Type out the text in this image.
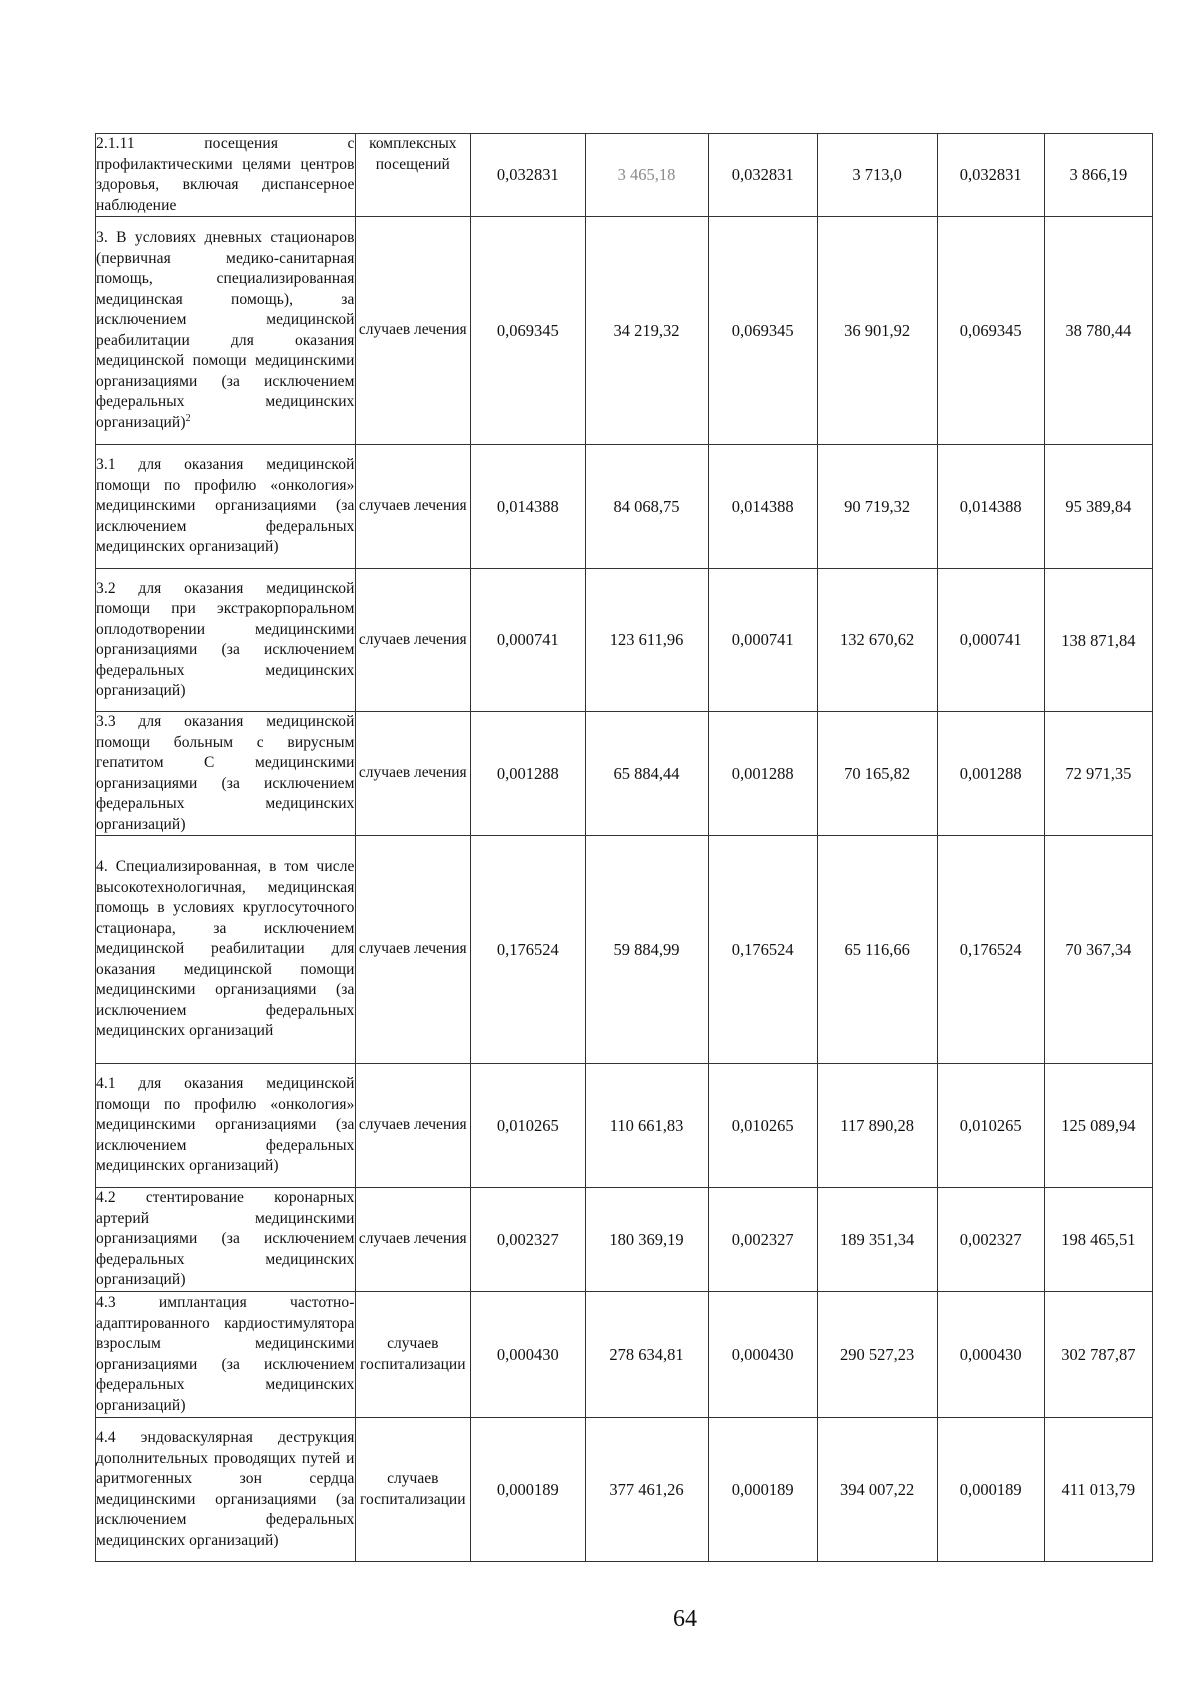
2.1.11 посещения с профилактическими целями центров здоровья, включая диспансерное наблюдение	комплексных посещений	0,032831	3 465,18	0,032831	3 713,0	0,032831	3 866,19
3. В условиях дневных стационаров (первичная медико-санитарная помощь, специализированная медицинская помощь), за исключением медицинской реабилитации для оказания медицинской помощи медицинскими организациями (за исключением федеральных медицинских организаций)$^2$	случаев лечения	0,069345	34 219,32	0,069345	36 901,92	0,069345	38 780,44
3.1 для оказания медицинской помощи по профилю «онкология» медицинскими организациями (за исключением федеральных медицинских организаций)	случаев лечения	0,014388	84 068,75	0,014388	90 719,32	0,014388	95 389,84
3.2 для оказания медицинской помощи при экстракорпоральном оплодотворении медицинскими организациями (за исключением федеральных медицинских организаций)	случаев лечения	0,000741	123 611,96	0,000741	132 670,62	0,000741	138 871,84
3.3 для оказания медицинской помощи больным с вирусным гепатитом С медицинскими организациями (за исключением федеральных медицинских организаций)	случаев лечения	0,001288	65 884,44	0,001288	70 165,82	0,001288	72 971,35
4. Специализированная, в том числе высокотехнологичная, медицинская помощь в условиях круглосуточного стационара, за исключением медицинской реабилитации для оказания медицинской помощи медицинскими организациями (за исключением федеральных медицинских организаций	случаев лечения	0,176524	59 884,99	0,176524	65 116,66	0,176524	70 367,34
4.1 для оказания медицинской помощи по профилю «онкология» медицинскими организациями (за исключением федеральных медицинских организаций)	случаев лечения	0,010265	110 661,83	0,010265	117 890,28	0,010265	125 089,94
4.2 стентирование коронарных артерий медицинскими организациями (за исключением федеральных медицинских организаций)	случаев лечения	0,002327	180 369,19	0,002327	189 351,34	0,002327	198 465,51
4.3 имплантация частотно-адаптированного кардиостимулятора взрослым медицинскими организациями (за исключением федеральных медицинских организаций)	случаев госпитализации	0,000430	278 634,81	0,000430	290 527,23	0,000430	302 787,87
4.4 эндоваскулярная деструкция дополнительных проводящих путей и аритмогенных зон сердца медицинскими организациями (за исключением федеральных медицинских организаций)	случаев госпитализации	0,000189	377 461,26	0,000189	394 007,22	0,000189	411 013,79
64
